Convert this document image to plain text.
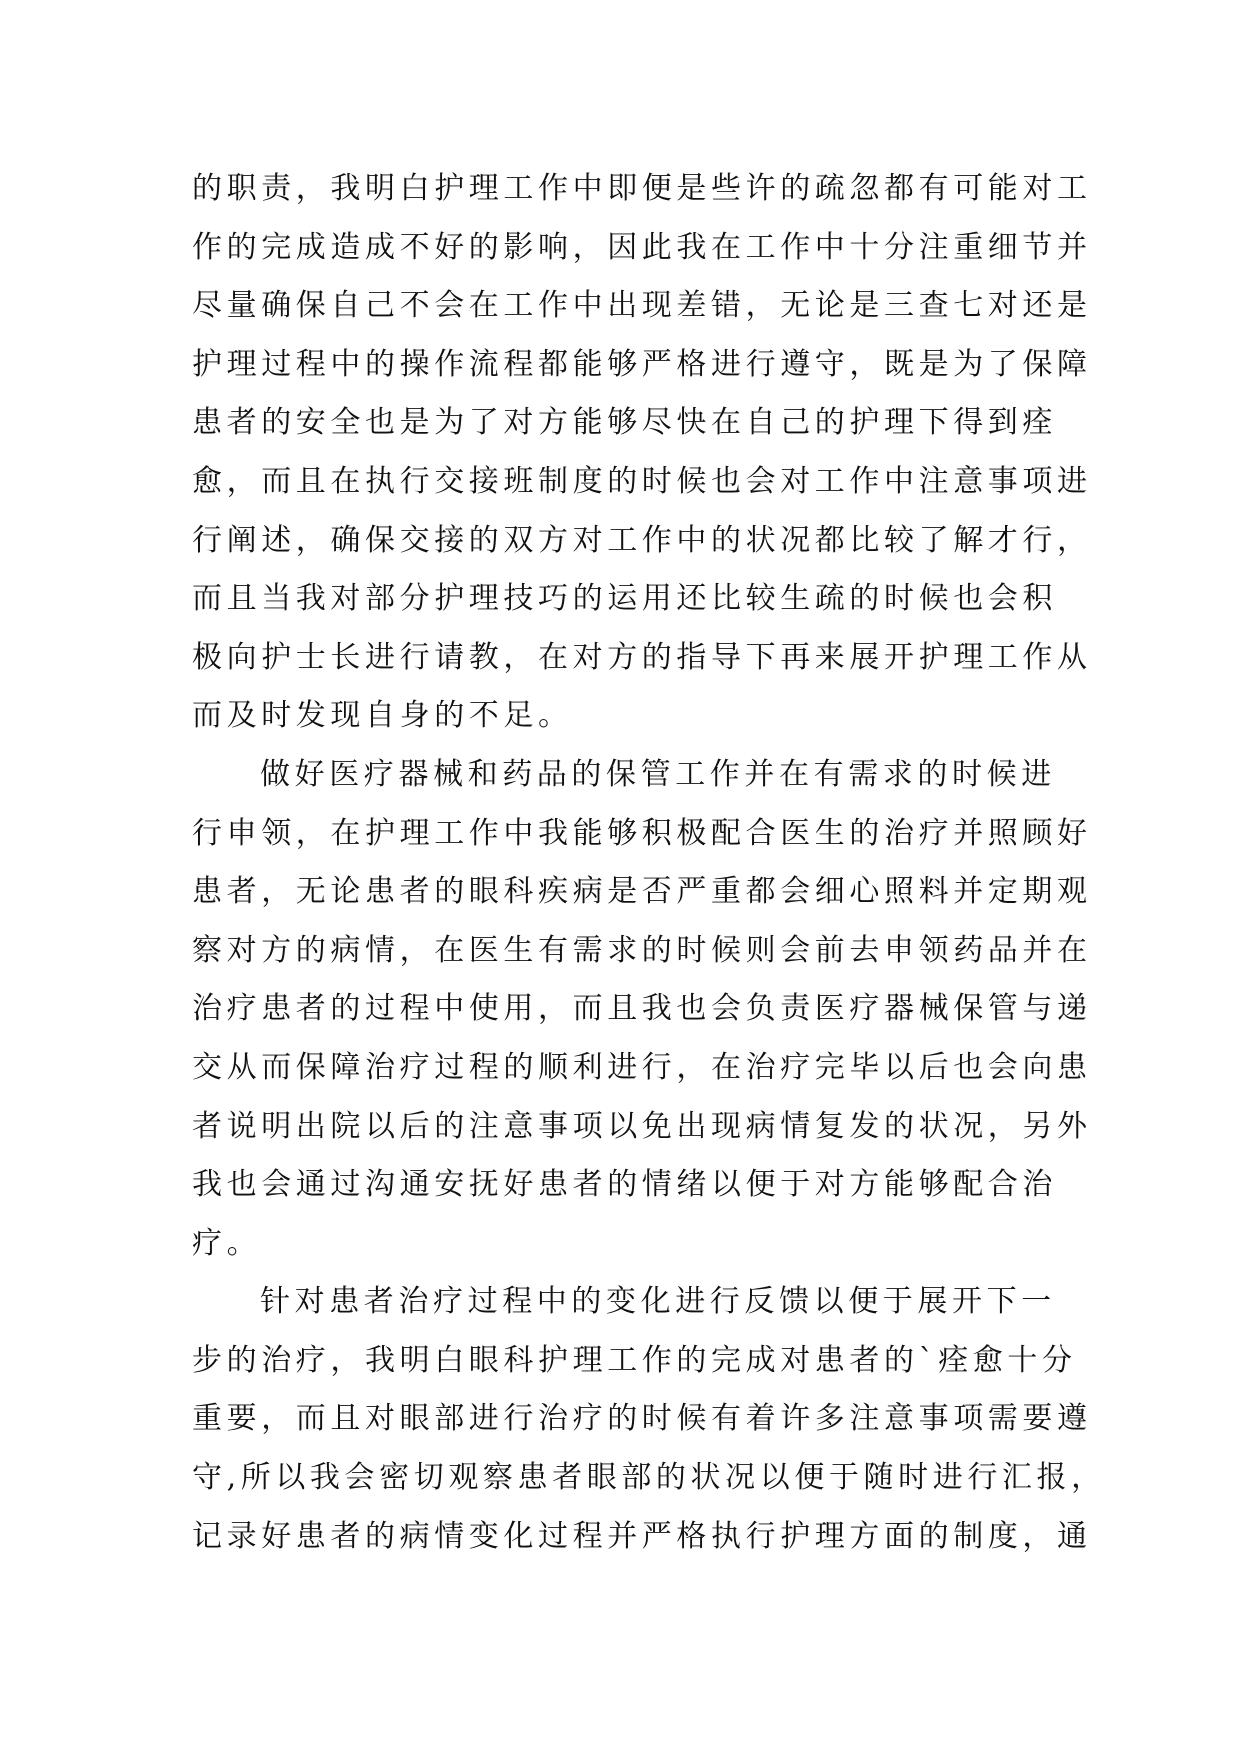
的职责，我明白护理工作中即便是些许的疏忽都有可能对工
作的完成造成不好的影响，因此我在工作中十分注重细节并
尽量确保自己不会在工作中出现差错，无论是三查七对还是
护理过程中的操作流程都能够严格进行遵守，既是为了保障
患者的安全也是为了对方能够尽快在自己的护理下得到痊
愈，而且在执行交接班制度的时候也会对工作中注意事项进
行阐述，确保交接的双方对工作中的状况都比较了解才行，
而且当我对部分护理技巧的运用还比较生疏的时候也会积
极向护士长进行请教，在对方的指导下再来展开护理工作从
而及时发现自身的不足。
做好医疗器械和药品的保管工作并在有需求的时候进
行申领，在护理工作中我能够积极配合医生的治疗并照顾好
患者，无论患者的眼科疾病是否严重都会细心照料并定期观
察对方的病情，在医生有需求的时候则会前去申领药品并在
治疗患者的过程中使用，而且我也会负责医疗器械保管与递
交从而保障治疗过程的顺利进行，在治疗完毕以后也会向患
者说明出院以后的注意事项以免出现病情复发的状况，另外
我也会通过沟通安抚好患者的情绪以便于对方能够配合治
疗。
针对患者治疗过程中的变化进行反馈以便于展开下一
步的治疗，我明白眼科护理工作的完成对患者的`痊愈十分
重要，而且对眼部进行治疗的时候有着许多注意事项需要遵
守,所以我会密切观察患者眼部的状况以便于随时进行汇报，
记录好患者的病情变化过程并严格执行护理方面的制度，通
